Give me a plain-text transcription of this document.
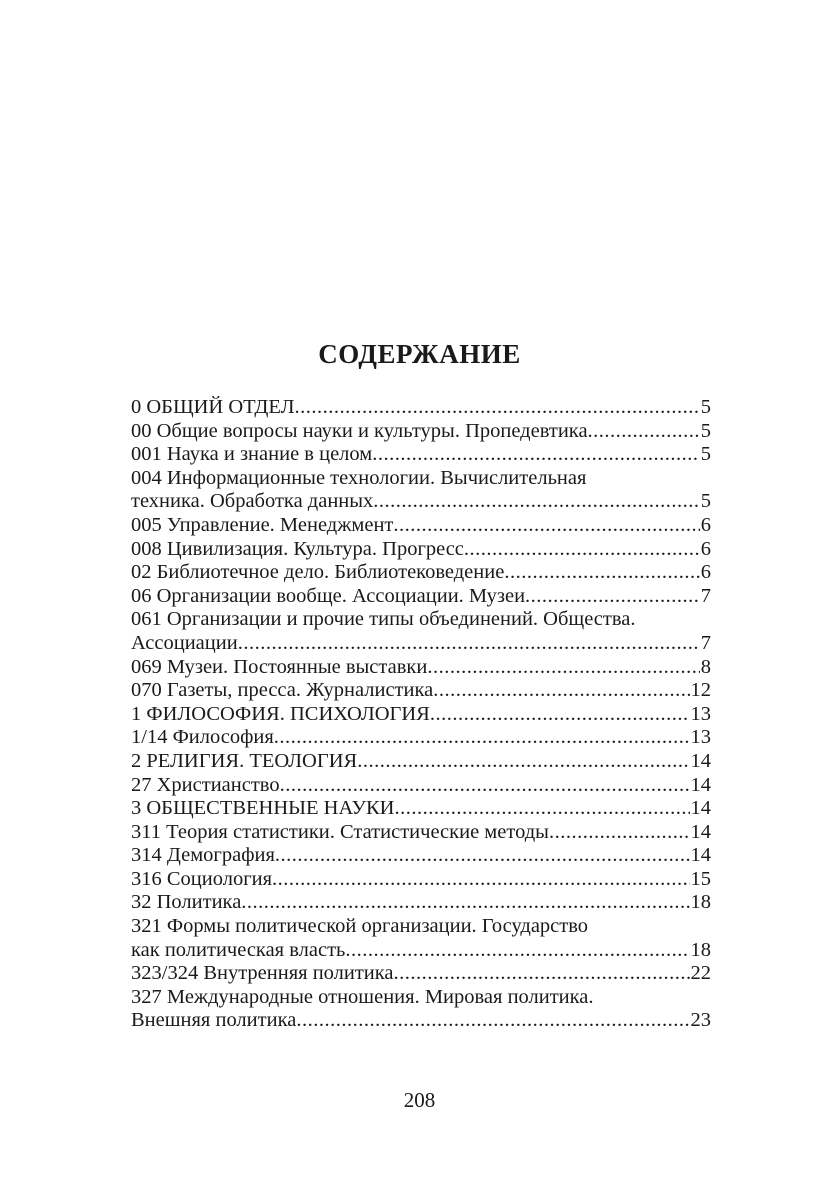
СОДЕРЖАНИЕ
0 ОБЩИЙ ОТДЕЛ .....	5
00 Общие вопросы науки и культуры. Пропедевтика .....	5
001 Наука и знание в целом .....	5
004 Информационные технологии. Вычислительная
техника. Обработка данных .....	5
005 Управление. Менеджмент .....	6
008 Цивилизация. Культура. Прогресс .....	6
02 Библиотечное дело. Библиотековедение .....	6
06 Организации вообще. Ассоциации. Музеи .....	7
061 Организации и прочие типы объединений. Общества.
Ассоциации .....	7
069 Музеи. Постоянные выставки .....	8
070 Газеты, пресса. Журналистика .....	12
1 ФИЛОСОФИЯ. ПСИХОЛОГИЯ .....	13
1/14 Философия .....	13
2 РЕЛИГИЯ. ТЕОЛОГИЯ .....	14
27 Христианство .....	14
3 ОБЩЕСТВЕННЫЕ НАУКИ .....	14
311 Теория статистики. Статистические методы .....	14
314 Демография .....	14
316 Социология .....	15
32 Политика .....	18
321 Формы политической организации. Государство
как политическая власть .....	18
323/324 Внутренняя политика .....	22
327 Международные отношения. Мировая политика.
Внешняя политика .....	23
208
